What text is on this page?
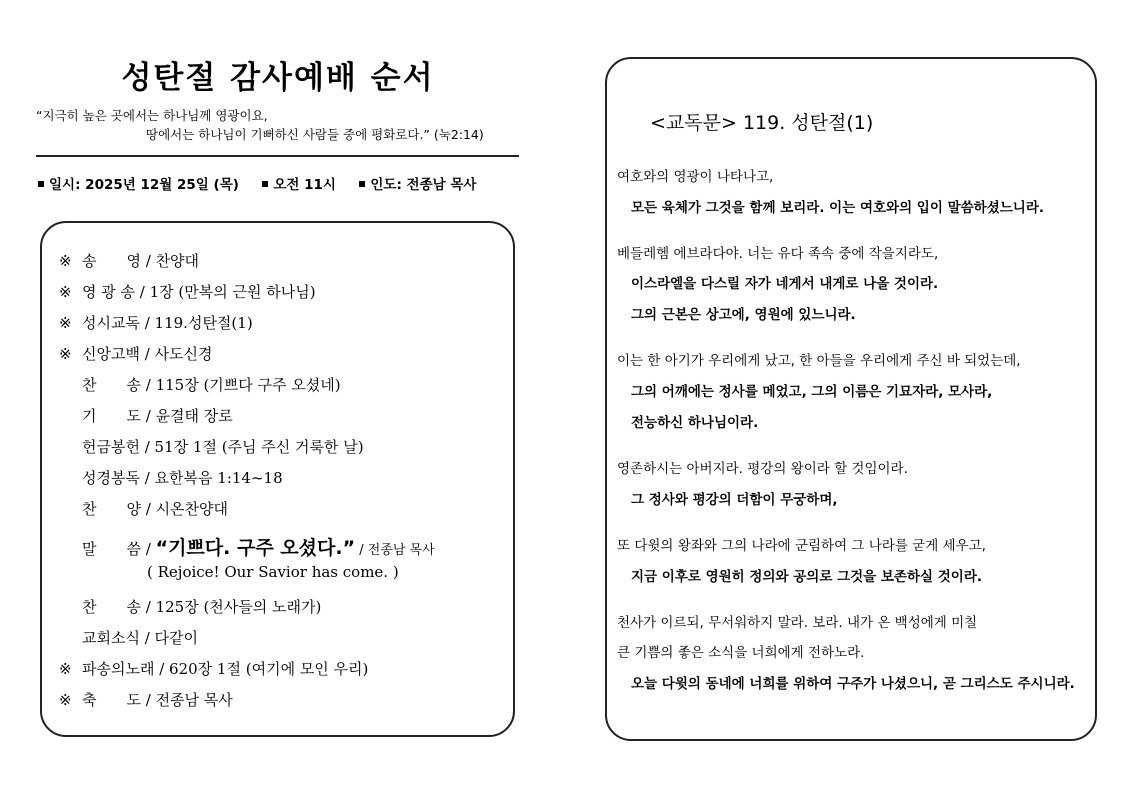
성탄절 감사예배 순서
“지극히 높은 곳에서는 하나님께 영광이요,
땅에서는 하나님이 기뻐하신 사람들 중에 평화로다.” (눅2:14)
일시: 2025년 12월 25일 (목)	오전 11시	인도: 전종남 목사
※ 송　　영 / 찬양대
※ 영 광 송 / 1장 (만복의 근원 하나님)
※ 성시교독 / 119.성탄절(1)
※ 신앙고백 / 사도신경
찬　　송 / 115장 (기쁘다 구주 오셨네)
기　　도 / 윤결태 장로
헌금봉헌 / 51장 1절 (주님 주신 거룩한 날)
성경봉독 / 요한복음 1:14~18
찬　　양 / 시온찬양대
말　　씀 / “기쁘다. 구주 오셨다.” / 전종남 목사
( Rejoice! Our Savior has come. )
찬　　송 / 125장 (천사들의 노래가)
교회소식 / 다같이
※ 파송의노래 / 620장 1절 (여기에 모인 우리)
※ 축　　도 / 전종남 목사
<교독문> 119. 성탄절(1)
여호와의 영광이 나타나고,
모든 육체가 그것을 함께 보리라. 이는 여호와의 입이 말씀하셨느니라.
베들레헴 에브라다야. 너는 유다 족속 중에 작을지라도,
이스라엘을 다스릴 자가 네게서 내게로 나올 것이라.
그의 근본은 상고에, 영원에 있느니라.
이는 한 아기가 우리에게 났고, 한 아들을 우리에게 주신 바 되었는데,
그의 어깨에는 정사를 메었고, 그의 이름은 기묘자라, 모사라,
전능하신 하나님이라.
영존하시는 아버지라. 평강의 왕이라 할 것임이라.
그 정사와 평강의 더함이 무궁하며,
또 다윗의 왕좌와 그의 나라에 군림하여 그 나라를 굳게 세우고,
지금 이후로 영원히 정의와 공의로 그것을 보존하실 것이라.
천사가 이르되, 무서워하지 말라. 보라. 내가 온 백성에게 미칠
큰 기쁨의 좋은 소식을 너희에게 전하노라.
오늘 다윗의 동네에 너희를 위하여 구주가 나셨으니, 곧 그리스도 주시니라.
